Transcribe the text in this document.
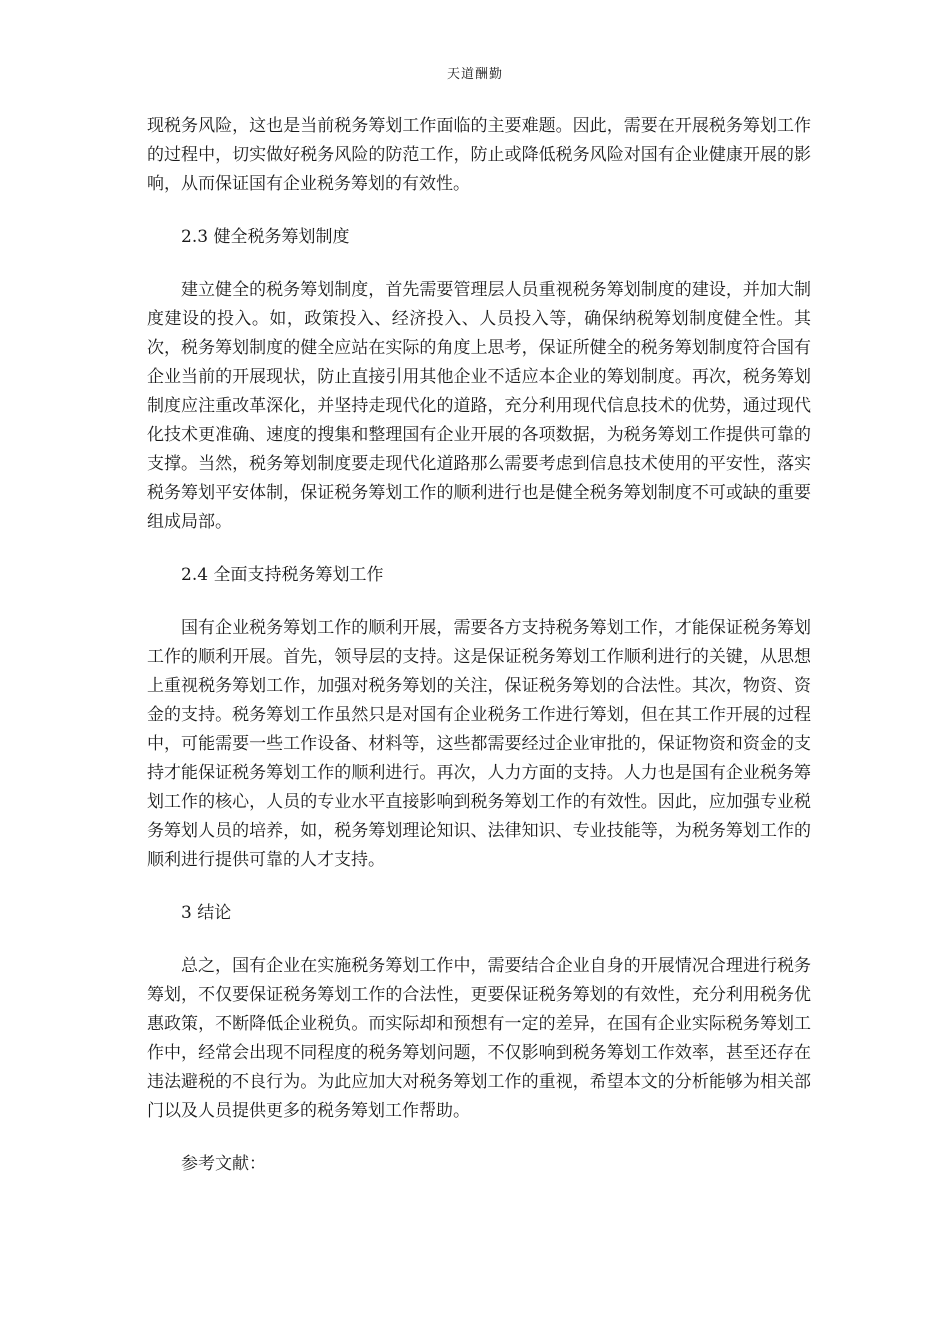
天道酬勤

现税务风险，这也是当前税务筹划工作面临的主要难题。因此，需要在开展税务筹划工作的过程中，切实做好税务风险的防范工作，防止或降低税务风险对国有企业健康开展的影响，从而保证国有企业税务筹划的有效性。

2.3 健全税务筹划制度

建立健全的税务筹划制度，首先需要管理层人员重视税务筹划制度的建设，并加大制度建设的投入。如，政策投入、经济投入、人员投入等，确保纳税筹划制度健全性。其次，税务筹划制度的健全应站在实际的角度上思考，保证所健全的税务筹划制度符合国有企业当前的开展现状，防止直接引用其他企业不适应本企业的筹划制度。再次，税务筹划制度应注重改革深化，并坚持走现代化的道路，充分利用现代信息技术的优势，通过现代化技术更准确、速度的搜集和整理国有企业开展的各项数据，为税务筹划工作提供可靠的支撑。当然，税务筹划制度要走现代化道路那么需要考虑到信息技术使用的平安性，落实税务筹划平安体制，保证税务筹划工作的顺利进行也是健全税务筹划制度不可或缺的重要组成局部。

2.4 全面支持税务筹划工作

国有企业税务筹划工作的顺利开展，需要各方支持税务筹划工作，才能保证税务筹划工作的顺利开展。首先，领导层的支持。这是保证税务筹划工作顺利进行的关键，从思想上重视税务筹划工作，加强对税务筹划的关注，保证税务筹划的合法性。其次，物资、资金的支持。税务筹划工作虽然只是对国有企业税务工作进行筹划，但在其工作开展的过程中，可能需要一些工作设备、材料等，这些都需要经过企业审批的，保证物资和资金的支持才能保证税务筹划工作的顺利进行。再次，人力方面的支持。人力也是国有企业税务筹划工作的核心，人员的专业水平直接影响到税务筹划工作的有效性。因此，应加强专业税务筹划人员的培养，如，税务筹划理论知识、法律知识、专业技能等，为税务筹划工作的顺利进行提供可靠的人才支持。

3 结论

总之，国有企业在实施税务筹划工作中，需要结合企业自身的开展情况合理进行税务筹划，不仅要保证税务筹划工作的合法性，更要保证税务筹划的有效性，充分利用税务优惠政策，不断降低企业税负。而实际却和预想有一定的差异，在国有企业实际税务筹划工作中，经常会出现不同程度的税务筹划问题，不仅影响到税务筹划工作效率，甚至还存在违法避税的不良行为。为此应加大对税务筹划工作的重视，希望本文的分析能够为相关部门以及人员提供更多的税务筹划工作帮助。

参考文献：
